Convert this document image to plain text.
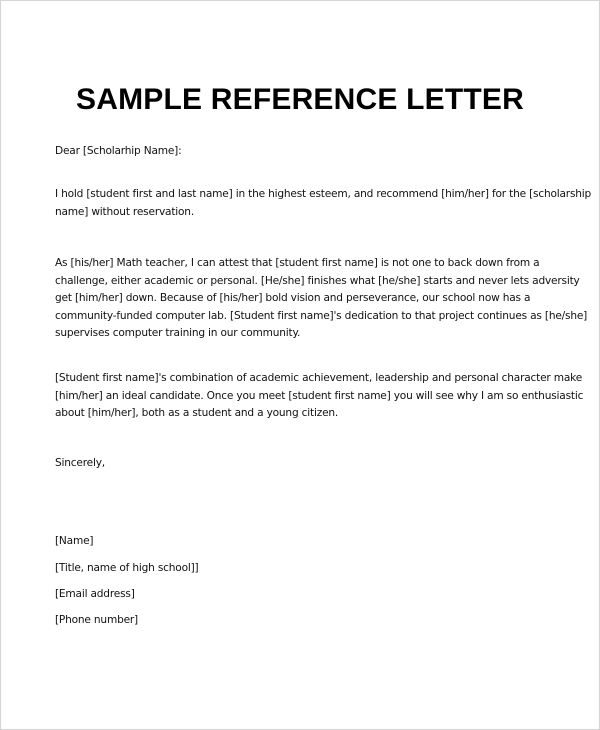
SAMPLE REFERENCE LETTER

Dear [Scholarhip Name]:

I hold [student first and last name] in the highest esteem, and recommend [him/her] for the [scholarship
name] without reservation.

As [his/her] Math teacher, I can attest that [student first name] is not one to back down from a
challenge, either academic or personal. [He/she] finishes what [he/she] starts and never lets adversity
get [him/her] down. Because of [his/her] bold vision and perseverance, our school now has a
community-funded computer lab. [Student first name]'s dedication to that project continues as [he/she]
supervises computer training in our community.

[Student first name]'s combination of academic achievement, leadership and personal character make
[him/her] an ideal candidate. Once you meet [student first name] you will see why I am so enthusiastic
about [him/her], both as a student and a young citizen.

Sincerely,

[Name]

[Title, name of high school]]

[Email address]

[Phone number]
